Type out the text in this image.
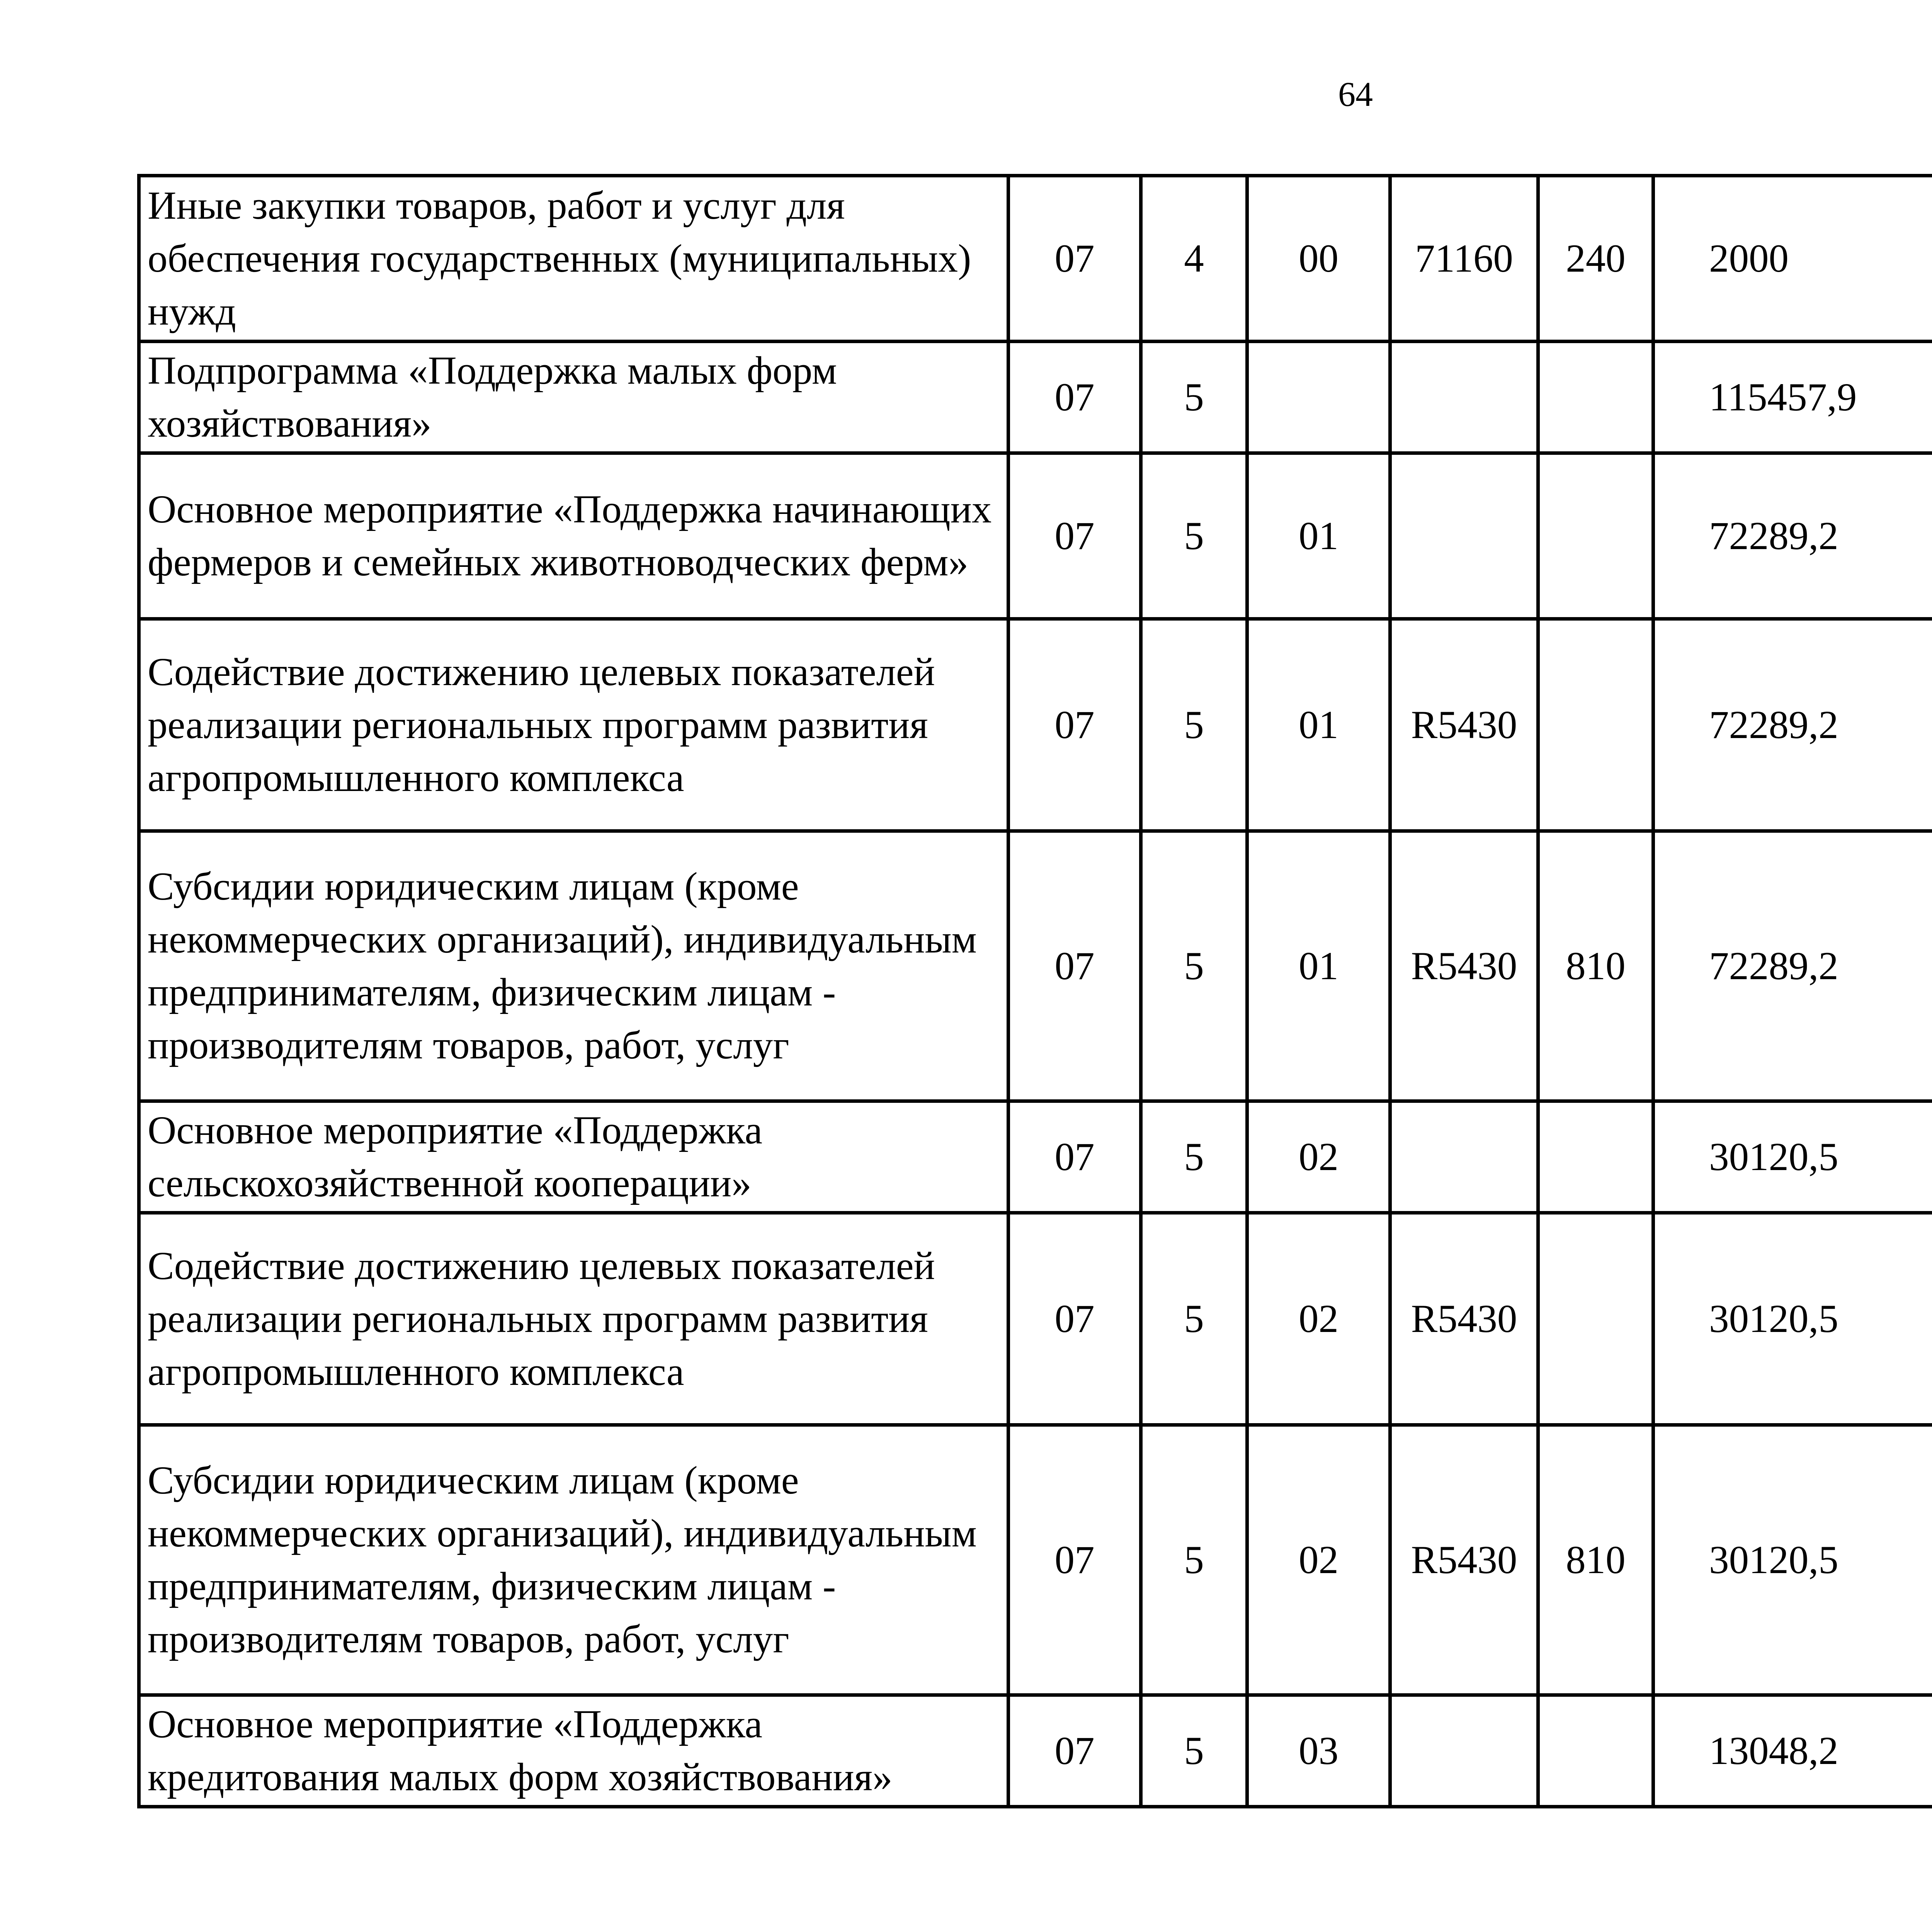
64
Иные закупки товаров, работ и услуг для обеспечения государственных (муниципальных) нужд	07	4	00	71160	240	2000		
Подпрограмма «Поддержка малых форм хозяйствования»	07	5				115457,9		
Основное мероприятие «Поддержка начинающих фермеров и семейных животноводческих ферм»	07	5	01			72289,2		
Содействие достижению целевых показателей реализации региональных программ развития агропромышленного комплекса	07	5	01	R5430		72289,2		
Субсидии юридическим лицам (кроме некоммерческих организаций), индивидуальным предпринимателям, физическим лицам - производителям товаров, работ, услуг	07	5	01	R5430	810	72289,2		
Основное мероприятие «Поддержка сельскохозяйственной кооперации»	07	5	02			30120,5		
Содействие достижению целевых показателей реализации региональных программ развития агропромышленного комплекса	07	5	02	R5430		30120,5		
Субсидии юридическим лицам (кроме некоммерческих организаций), индивидуальным предпринимателям, физическим лицам - производителям товаров, работ, услуг	07	5	02	R5430	810	30120,5		
Основное мероприятие «Поддержка кредитования малых форм хозяйствования»	07	5	03			13048,2		
